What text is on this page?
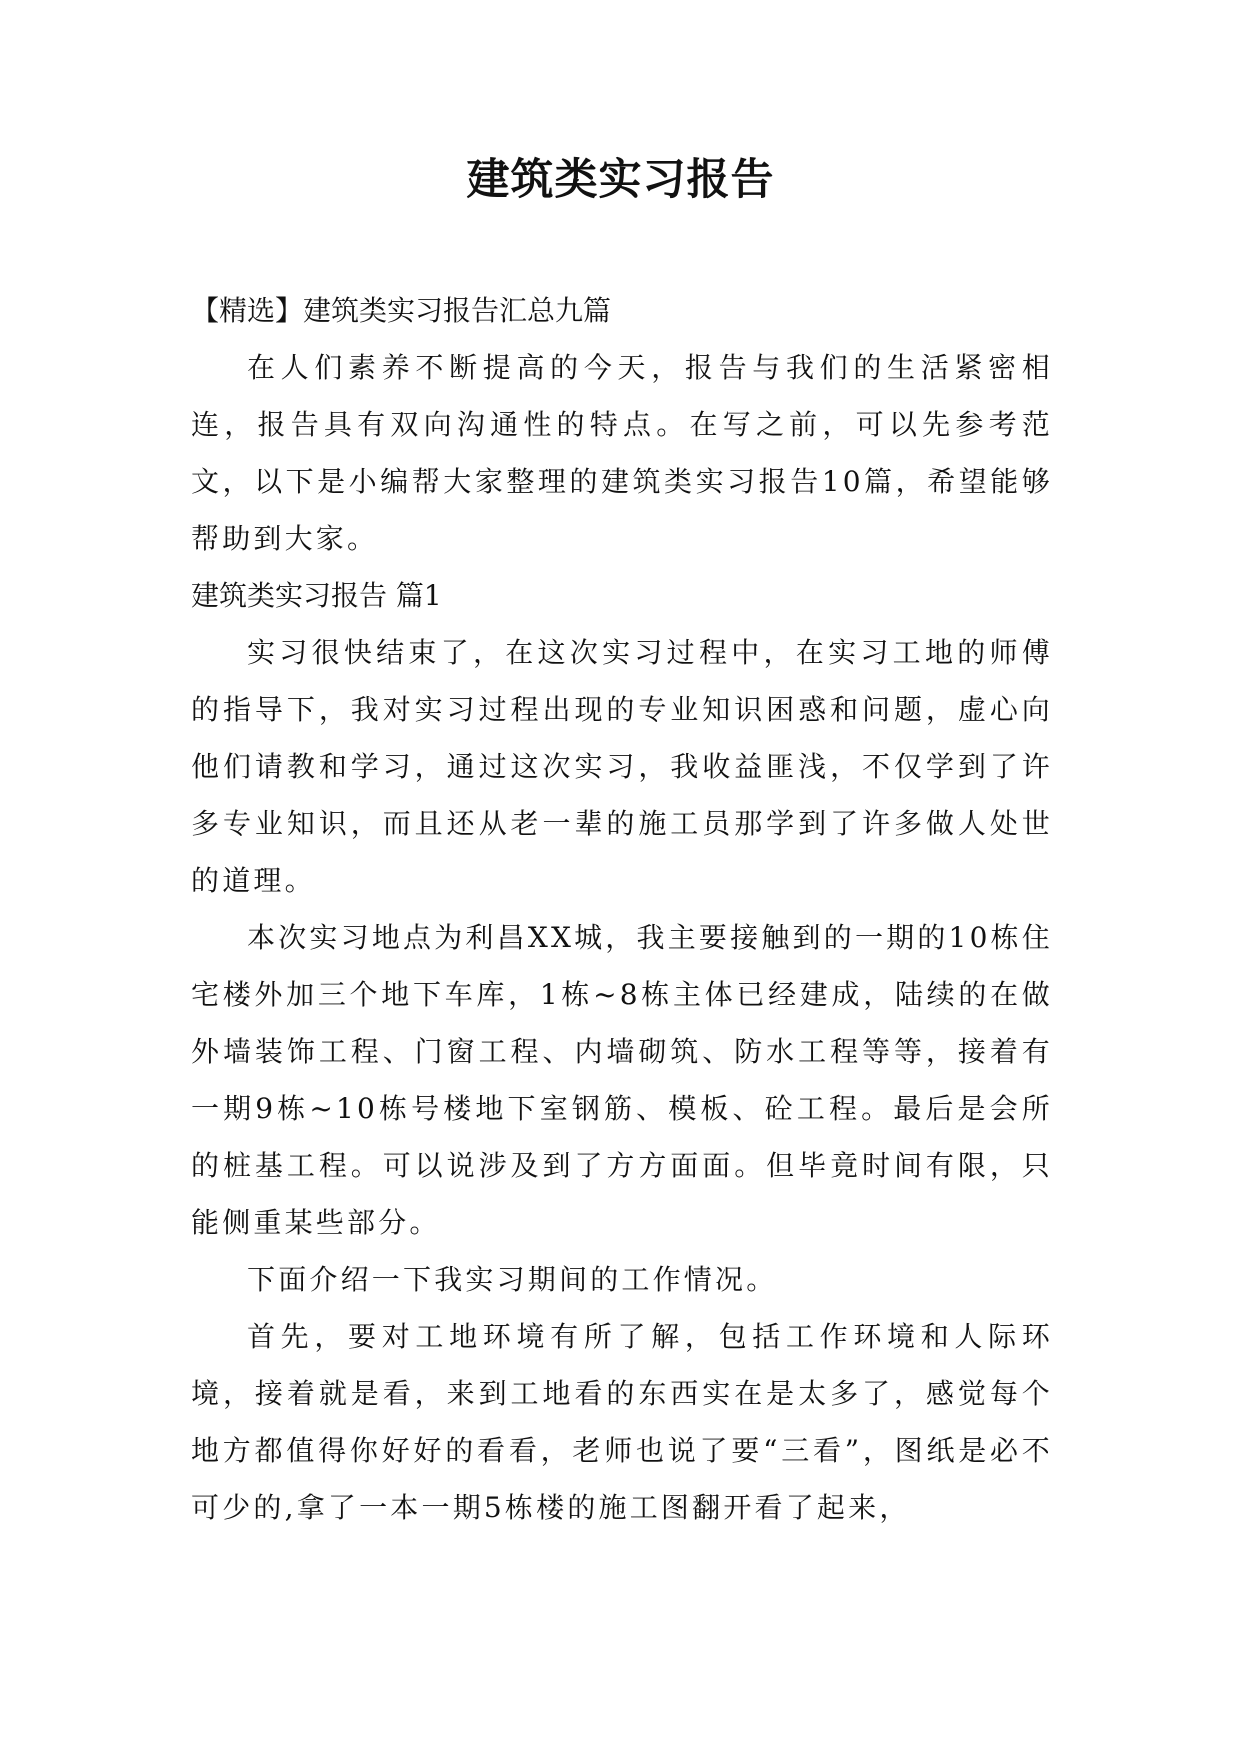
建筑类实习报告

【精选】建筑类实习报告汇总九篇

在人们素养不断提高的今天，报告与我们的生活紧密相连，报告具有双向沟通性的特点。在写之前，可以先参考范文，以下是小编帮大家整理的建筑类实习报告10篇，希望能够帮助到大家。

建筑类实习报告 篇1

实习很快结束了，在这次实习过程中，在实习工地的师傅的指导下，我对实习过程出现的专业知识困惑和问题，虚心向他们请教和学习，通过这次实习，我收益匪浅，不仅学到了许多专业知识，而且还从老一辈的施工员那学到了许多做人处世的道理。

本次实习地点为利昌XX城，我主要接触到的一期的10栋住宅楼外加三个地下车库，1栋~8栋主体已经建成，陆续的在做外墙装饰工程、门窗工程、内墙砌筑、防水工程等等，接着有一期9栋~10栋号楼地下室钢筋、模板、砼工程。最后是会所的桩基工程。可以说涉及到了方方面面。但毕竟时间有限，只能侧重某些部分。

下面介绍一下我实习期间的工作情况。

首先，要对工地环境有所了解，包括工作环境和人际环境，接着就是看，来到工地看的东西实在是太多了，感觉每个地方都值得你好好的看看，老师也说了要“三看”，图纸是必不可少的,拿了一本一期5栋楼的施工图翻开看了起来，
